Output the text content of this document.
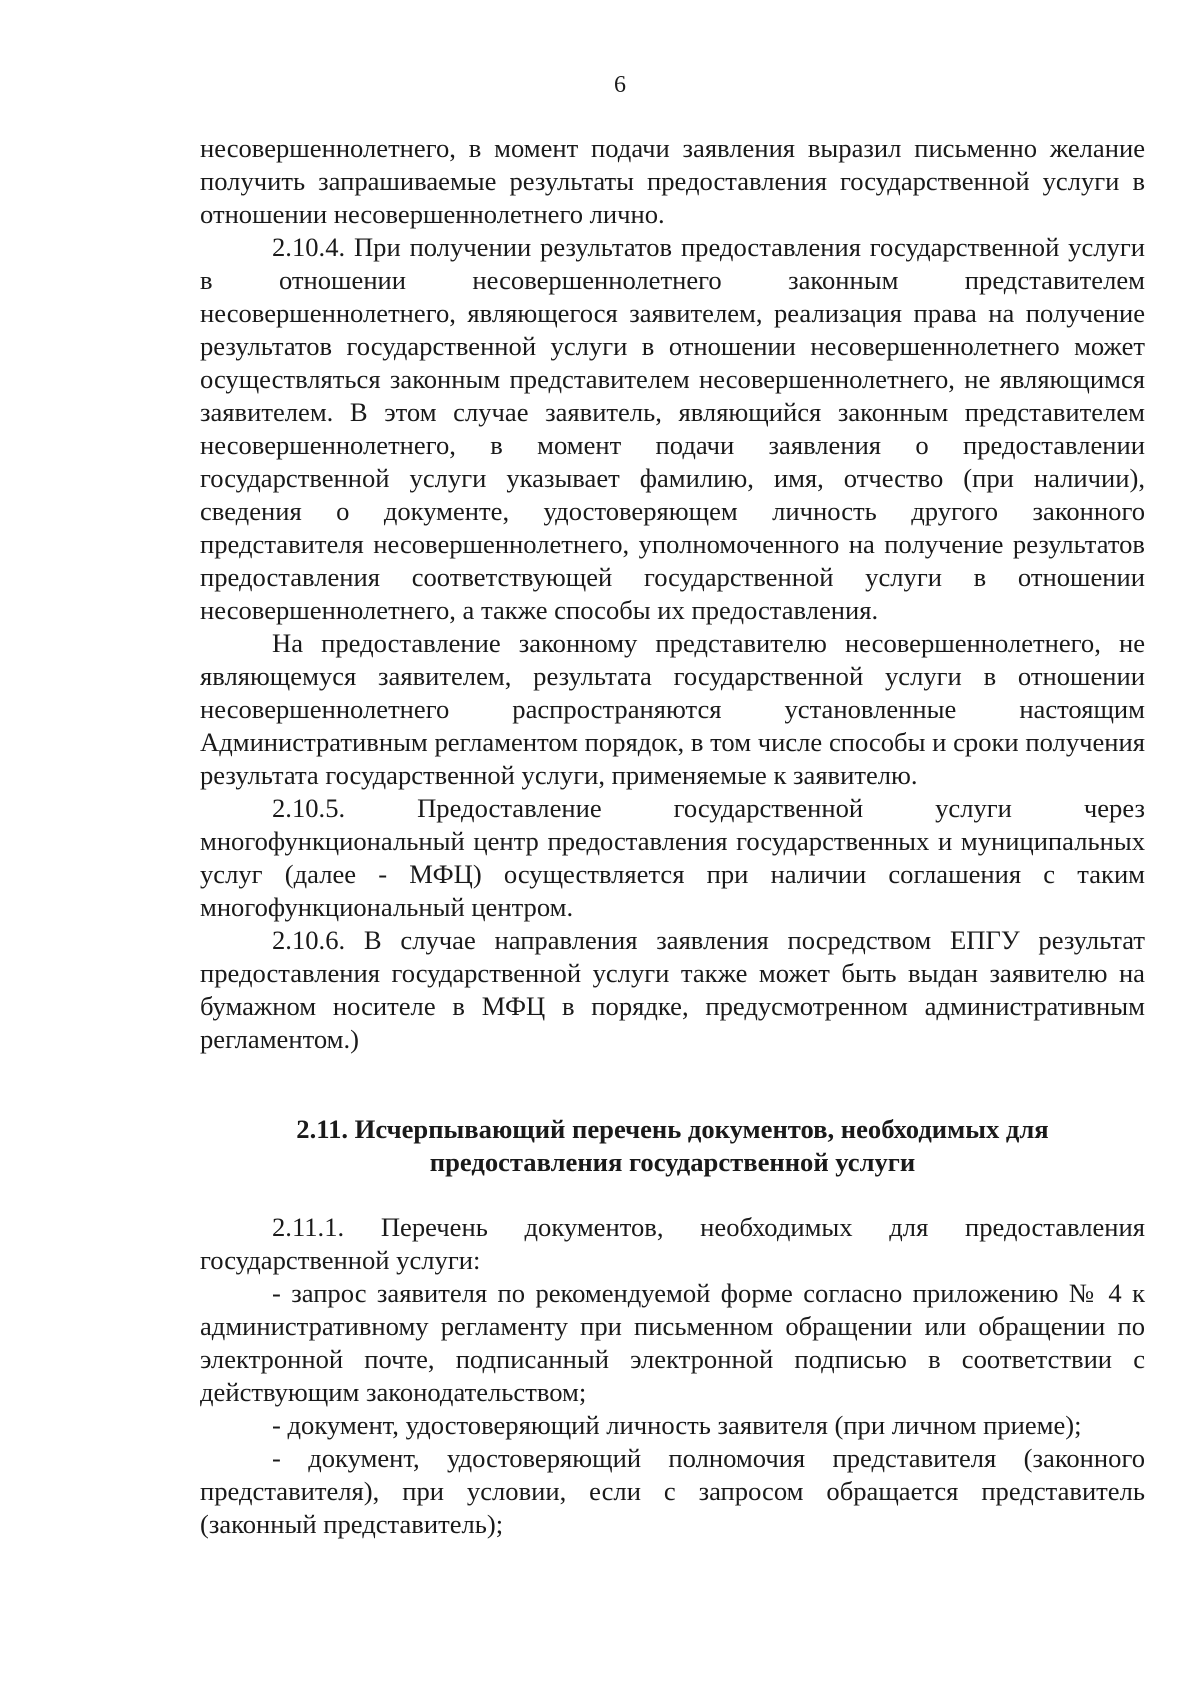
6

несовершеннолетнего, в момент подачи заявления выразил письменно желание получить запрашиваемые результаты предоставления государственной услуги в отношении несовершеннолетнего лично.

2.10.4. При получении результатов предоставления государственной услуги в отношении несовершеннолетнего законным представителем несовершеннолетнего, являющегося заявителем, реализация права на получение результатов государственной услуги в отношении несовершеннолетнего может осуществляться законным представителем несовершеннолетнего, не являющимся заявителем. В этом случае заявитель, являющийся законным представителем несовершеннолетнего, в момент подачи заявления о предоставлении государственной услуги указывает фамилию, имя, отчество (при наличии), сведения о документе, удостоверяющем личность другого законного представителя несовершеннолетнего, уполномоченного на получение результатов предоставления соответствующей государственной услуги в отношении несовершеннолетнего, а также способы их предоставления.

На предоставление законному представителю несовершеннолетнего, не являющемуся заявителем, результата государственной услуги в отношении несовершеннолетнего распространяются установленные настоящим Административным регламентом порядок, в том числе способы и сроки получения результата государственной услуги, применяемые к заявителю.

2.10.5. Предоставление государственной услуги через многофункциональный центр предоставления государственных и муниципальных услуг (далее - МФЦ) осуществляется при наличии соглашения с таким многофункциональный центром.

2.10.6. В случае направления заявления посредством ЕПГУ результат предоставления государственной услуги также может быть выдан заявителю на бумажном носителе в МФЦ в порядке, предусмотренном административным регламентом.)

2.11. Исчерпывающий перечень документов, необходимых для предоставления государственной услуги

2.11.1. Перечень документов, необходимых для предоставления государственной услуги:

- запрос заявителя по рекомендуемой форме согласно приложению № 4 к административному регламенту при письменном обращении или обращении по электронной почте, подписанный электронной подписью в соответствии с действующим законодательством;

- документ, удостоверяющий личность заявителя (при личном приеме);

- документ, удостоверяющий полномочия представителя (законного представителя), при условии, если с запросом обращается представитель (законный представитель);
